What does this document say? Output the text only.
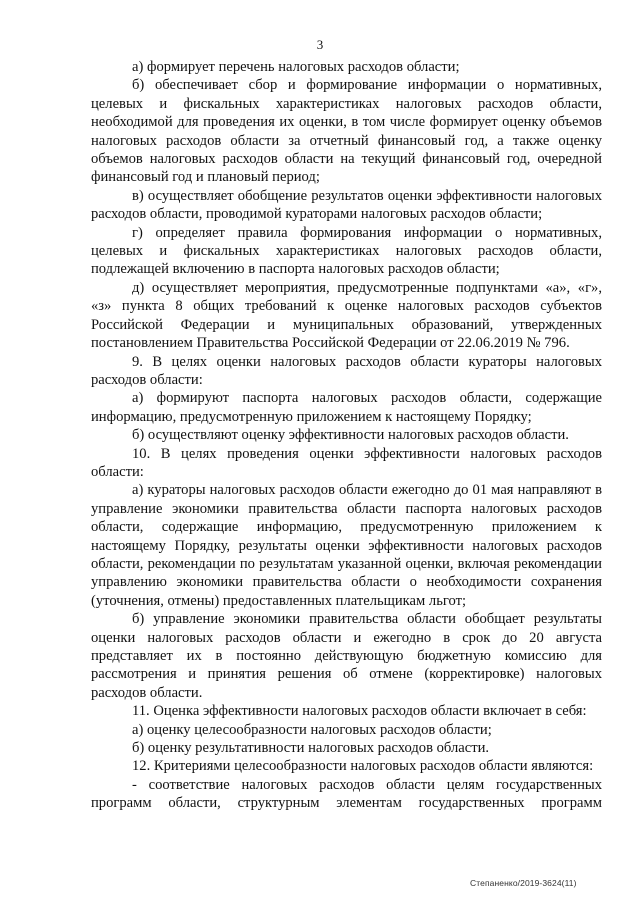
3

а) формирует перечень налоговых расходов области;

б) обеспечивает сбор и формирование информации о нормативных, целевых и фискальных характеристиках налоговых расходов области, необходимой для проведения их оценки, в том числе формирует оценку объемов налоговых расходов области за отчетный финансовый год, а также оценку объемов налоговых расходов области на текущий финансовый год, очередной финансовый год и плановый период;

в) осуществляет обобщение результатов оценки эффективности налоговых расходов области, проводимой кураторами налоговых расходов области;

г) определяет правила формирования информации о нормативных, целевых и фискальных характеристиках налоговых расходов области, подлежащей включению в паспорта налоговых расходов области;

д) осуществляет мероприятия, предусмотренные подпунктами «а», «г», «з» пункта 8 общих требований к оценке налоговых расходов субъектов Российской Федерации и муниципальных образований, утвержденных постановлением Правительства Российской Федерации от 22.06.2019 № 796.

9. В целях оценки налоговых расходов области кураторы налоговых расходов области:

а) формируют паспорта налоговых расходов области, содержащие информацию, предусмотренную приложением к настоящему Порядку;

б) осуществляют оценку эффективности налоговых расходов области.

10. В целях проведения оценки эффективности налоговых расходов области:

а) кураторы налоговых расходов области ежегодно до 01 мая направляют в управление экономики правительства области паспорта налоговых расходов области, содержащие информацию, предусмотренную приложением к настоящему Порядку, результаты оценки эффективности налоговых расходов области, рекомендации по результатам указанной оценки, включая рекомендации управлению экономики правительства области о необходимости сохранения (уточнения, отмены) предоставленных плательщикам льгот;

б) управление экономики правительства области обобщает результаты оценки налоговых расходов области и ежегодно в срок до 20 августа представляет их в постоянно действующую бюджетную комиссию для рассмотрения и принятия решения об отмене (корректировке) налоговых расходов области.

11. Оценка эффективности налоговых расходов области включает в себя:

а) оценку целесообразности налоговых расходов области;

б) оценку результативности налоговых расходов области.

12. Критериями целесообразности налоговых расходов области являются:

- соответствие налоговых расходов области целям государственных программ области, структурным элементам государственных программ

Степаненко/2019-3624(11)
